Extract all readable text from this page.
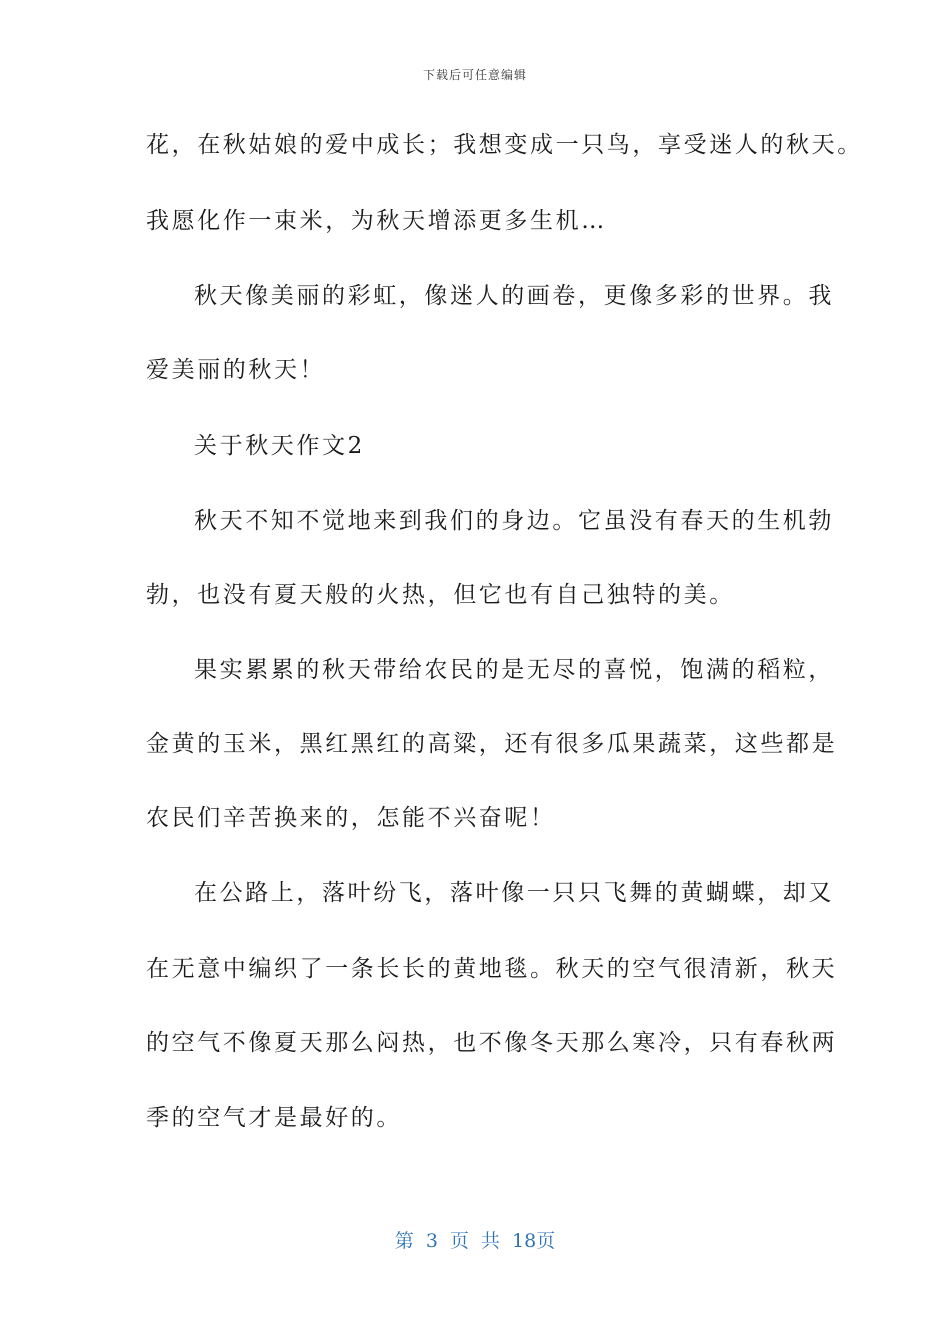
下载后可任意编辑
花，在秋姑娘的爱中成长；我想变成一只鸟，享受迷人的秋天。
我愿化作一束米，为秋天增添更多生机…
秋天像美丽的彩虹，像迷人的画卷，更像多彩的世界。我
爱美丽的秋天！
关于秋天作文2
秋天不知不觉地来到我们的身边。它虽没有春天的生机勃
勃，也没有夏天般的火热，但它也有自己独特的美。
果实累累的秋天带给农民的是无尽的喜悦，饱满的稻粒，
金黄的玉米，黑红黑红的高粱，还有很多瓜果蔬菜，这些都是
农民们辛苦换来的，怎能不兴奋呢！
在公路上，落叶纷飞，落叶像一只只飞舞的黄蝴蝶，却又
在无意中编织了一条长长的黄地毯。秋天的空气很清新，秋天
的空气不像夏天那么闷热，也不像冬天那么寒冷，只有春秋两
季的空气才是最好的。
第 3 页 共 18页
